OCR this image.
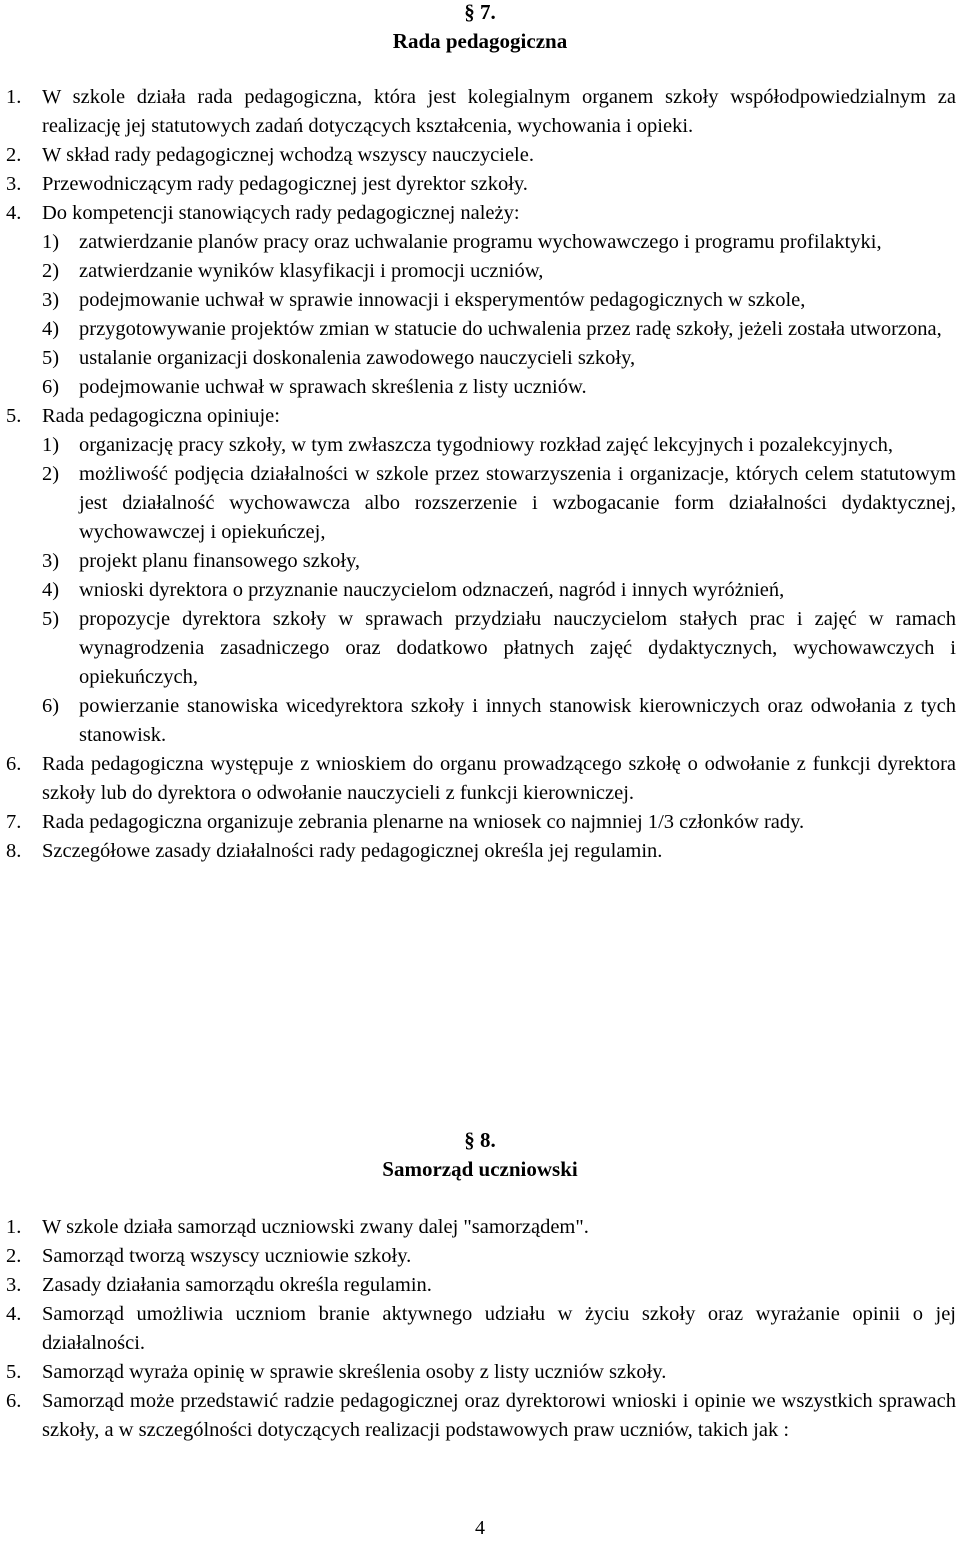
§ 7.
Rada pedagogiczna
1. W szkole działa rada pedagogiczna, która jest kolegialnym organem szkoły współodpowiedzialnym za realizację jej statutowych zadań dotyczących kształcenia, wychowania i opieki.
2. W skład rady pedagogicznej wchodzą wszyscy nauczyciele.
3. Przewodniczącym rady pedagogicznej jest dyrektor szkoły.
4. Do kompetencji stanowiących rady pedagogicznej należy:
1) zatwierdzanie planów pracy oraz uchwalanie programu wychowawczego i programu profilaktyki,
2) zatwierdzanie wyników klasyfikacji i promocji uczniów,
3) podejmowanie uchwał w sprawie innowacji i eksperymentów pedagogicznych w szkole,
4) przygotowywanie projektów zmian w statucie do uchwalenia przez radę szkoły, jeżeli została utworzona,
5) ustalanie organizacji doskonalenia zawodowego nauczycieli szkoły,
6) podejmowanie uchwał w sprawach skreślenia z listy uczniów.
5. Rada pedagogiczna opiniuje:
1) organizację pracy szkoły, w tym zwłaszcza tygodniowy rozkład zajęć lekcyjnych i pozalekcyjnych,
2) możliwość podjęcia działalności w szkole przez stowarzyszenia i organizacje, których celem statutowym jest działalność wychowawcza albo rozszerzenie i wzbogacanie form działalności dydaktycznej, wychowawczej i opiekuńczej,
3) projekt planu finansowego szkoły,
4) wnioski dyrektora o przyznanie nauczycielom odznaczeń, nagród i innych wyróżnień,
5) propozycje dyrektora szkoły w sprawach przydziału nauczycielom stałych prac i zajęć w ramach wynagrodzenia zasadniczego oraz dodatkowo płatnych zajęć dydaktycznych, wychowawczych i opiekuńczych,
6) powierzanie stanowiska wicedyrektora szkoły i innych stanowisk kierowniczych oraz odwołania z tych stanowisk.
6. Rada pedagogiczna występuje z wnioskiem do organu prowadzącego szkołę o odwołanie z funkcji dyrektora szkoły lub do dyrektora o odwołanie nauczycieli z funkcji kierowniczej.
7. Rada pedagogiczna organizuje zebrania plenarne na wniosek co najmniej 1/3 członków rady.
8. Szczegółowe zasady działalności rady pedagogicznej określa jej regulamin.
§ 8.
Samorząd uczniowski
1. W szkole działa samorząd uczniowski zwany dalej "samorządem".
2. Samorząd tworzą wszyscy uczniowie szkoły.
3. Zasady działania samorządu określa regulamin.
4. Samorząd umożliwia uczniom branie aktywnego udziału w życiu szkoły oraz wyrażanie opinii o jej działalności.
5. Samorząd wyraża opinię w sprawie skreślenia osoby z listy uczniów szkoły.
6. Samorząd może przedstawić radzie pedagogicznej oraz dyrektorowi wnioski i opinie we wszystkich sprawach szkoły, a w szczególności dotyczących realizacji podstawowych praw uczniów, takich jak :
4
